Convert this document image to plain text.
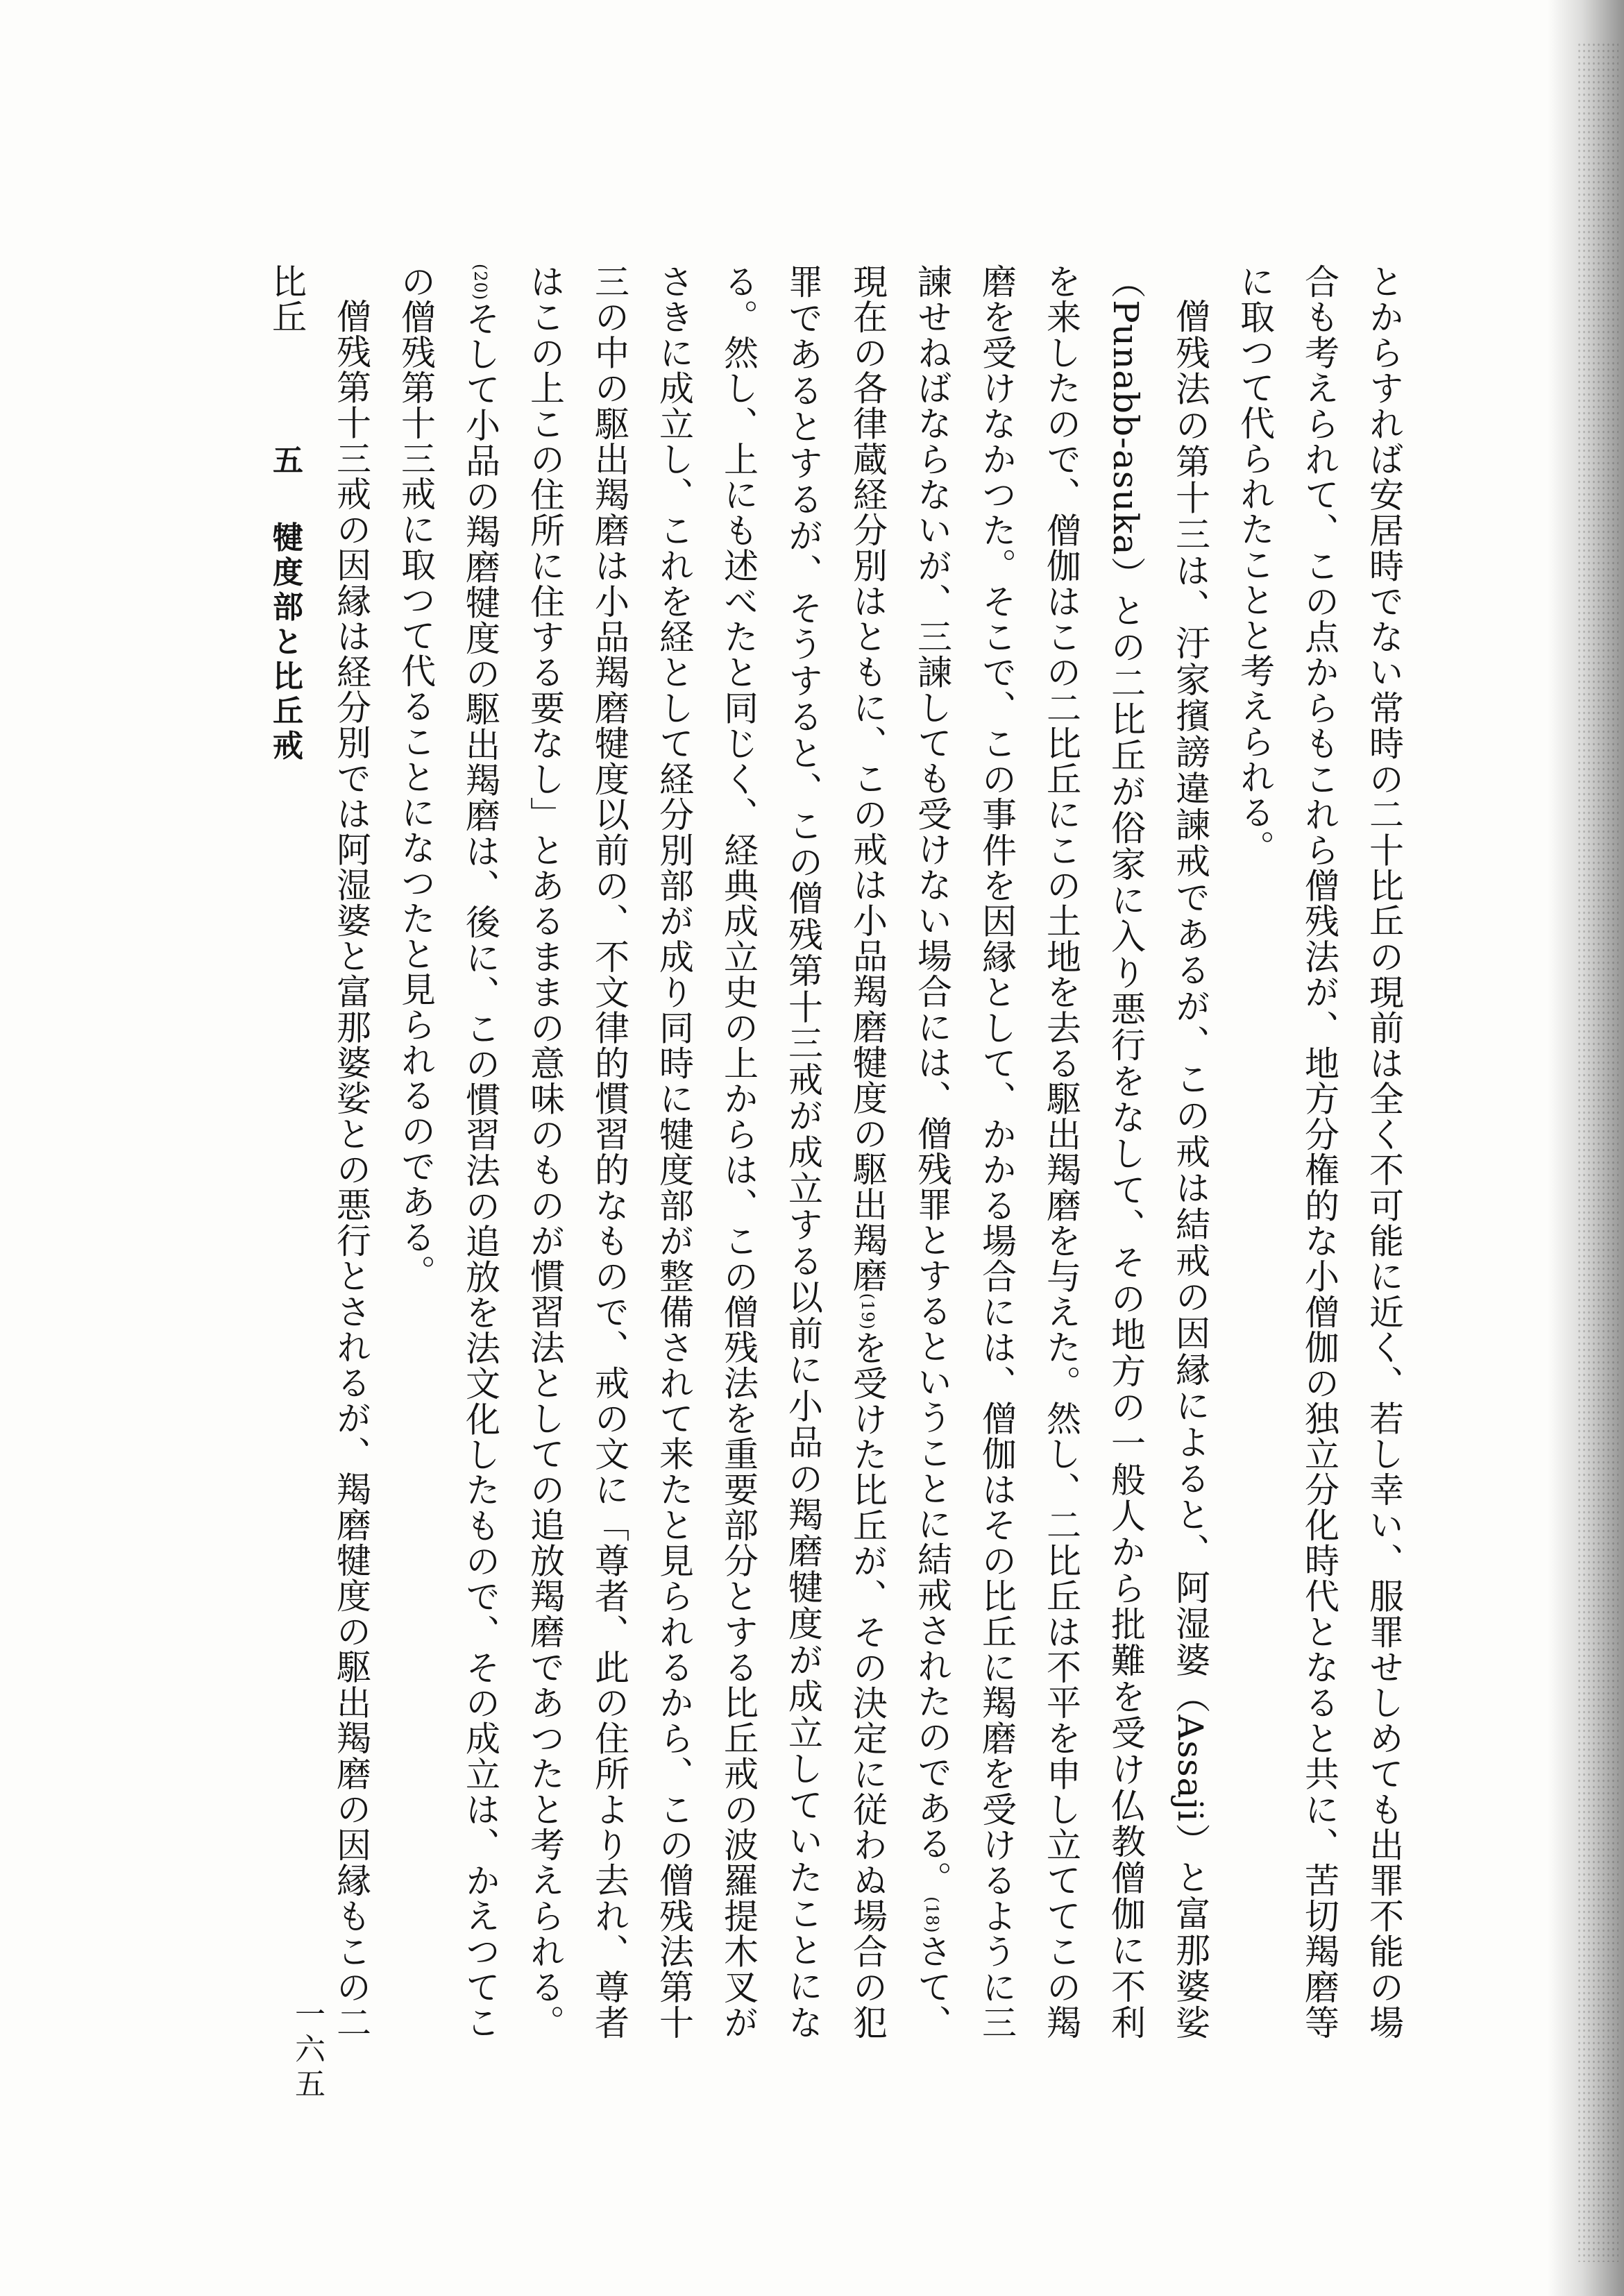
とからすれば安居時でない常時の二十比丘の現前は全く不可能に近く、若し幸い、服罪せしめても出罪不能の場合も考えられて、この点からもこれら僧残法が、地方分権的な小僧伽の独立分化時代となると共に、苦切羯磨等に取つて代られたことと考えられる。

僧残法の第十三は、汙家擯謗違諫戒であるが、この戒は結戒の因縁によると、阿湿婆（Assaji）と富那婆娑（Punabb-asuka）との二比丘が俗家に入り悪行をなして、その地方の一般人から批難を受け仏教僧伽に不利を来したので、僧伽はこの二比丘にこの土地を去る駆出羯磨を与えた。然し、二比丘は不平を申し立ててこの羯磨を受けなかつた。そこで、この事件を因縁として、かかる場合には、僧伽はその比丘に羯磨を受けるように三諫せねばならないが、三諫しても受けない場合には、僧残罪とするということに結戒されたのである。(18)さて、現在の各律蔵経分別はともに、この戒は小品羯磨犍度の駆出羯磨(19)を受けた比丘が、その決定に従わぬ場合の犯罪であるとするが、そうすると、この僧残第十三戒が成立する以前に小品の羯磨犍度が成立していたことになる。然し、上にも述べたと同じく、経典成立史の上からは、この僧残法を重要部分とする比丘戒の波羅提木叉がさきに成立し、これを経として経分別部が成り同時に犍度部が整備されて来たと見られるから、この僧残法第十三の中の駆出羯磨は小品羯磨犍度以前の、不文律的慣習的なもので、戒の文に「尊者、此の住所より去れ、尊者はこの上この住所に住する要なし」とあるままの意味のものが慣習法としての追放羯磨であつたと考えられる。(20)そして小品の羯磨犍度の駆出羯磨は、後に、この慣習法の追放を法文化したもので、その成立は、かえつてこの僧残第十三戒に取つて代ることになつたと見られるのである。

僧残第十三戒の因縁は経分別では阿湿婆と富那婆娑との悪行とされるが、羯磨犍度の駆出羯磨の因縁もこの二比丘

五 犍度部と比丘戒
一六五
